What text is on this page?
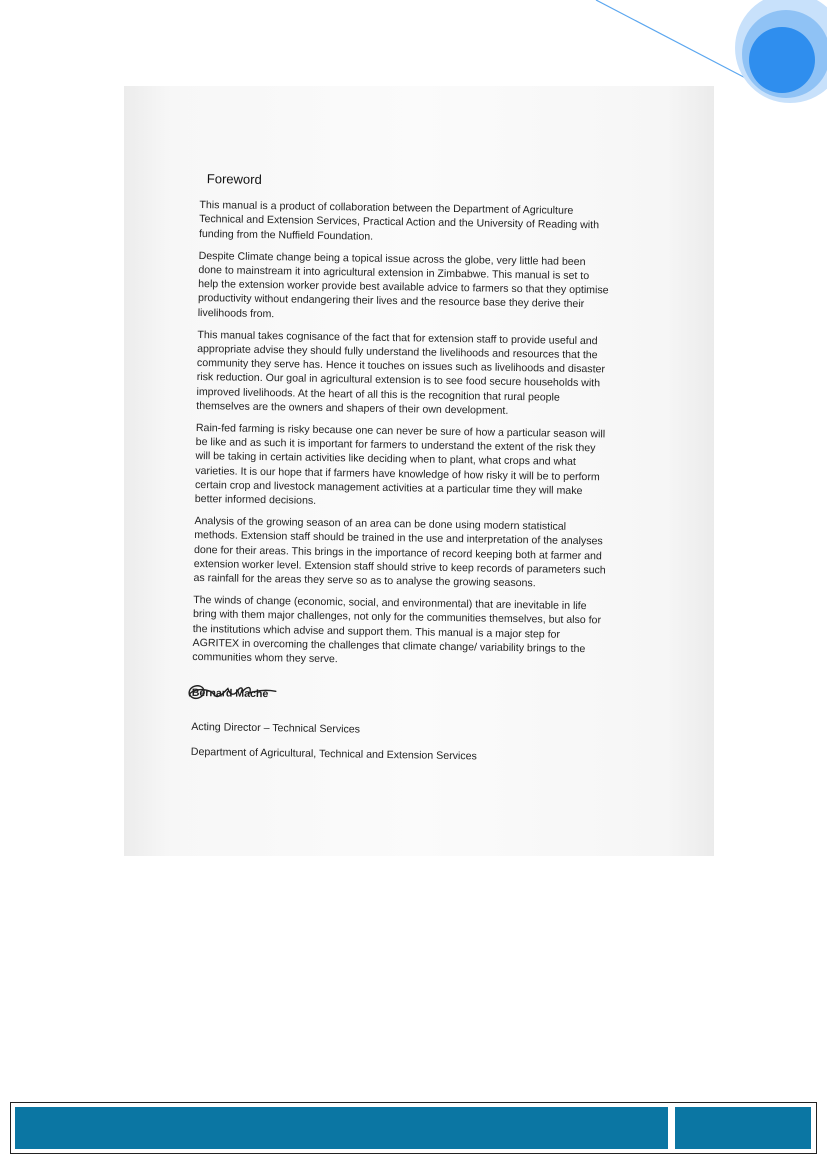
Foreword

This manual is a product of collaboration between the Department of Agriculture Technical and Extension Services, Practical Action and the University of Reading with funding from the Nuffield Foundation.

Despite Climate change being a topical issue across the globe, very little had been done to mainstream it into agricultural extension in Zimbabwe. This manual is set to help the extension worker provide best available advice to farmers so that they optimise productivity without endangering their lives and the resource base they derive their livelihoods from.

This manual takes cognisance of the fact that for extension staff to provide useful and appropriate advise they should fully understand the livelihoods and resources that the community they serve has. Hence it touches on issues such as livelihoods and disaster risk reduction. Our goal in agricultural extension is to see food secure households with improved livelihoods. At the heart of all this is the recognition that rural people themselves are the owners and shapers of their own development.

Rain-fed farming is risky because one can never be sure of how a particular season will be like and as such it is important for farmers to understand the extent of the risk they will be taking in certain activities like deciding when to plant, what crops and what varieties. It is our hope that if farmers have knowledge of how risky it will be to perform certain crop and livestock management activities at a particular time they will make better informed decisions.

Analysis of the growing season of an area can be done using modern statistical methods. Extension staff should be trained in the use and interpretation of the analyses done for their areas. This brings in the importance of record keeping both at farmer and extension worker level. Extension staff should strive to keep records of parameters such as rainfall for the areas they serve so as to analyse the growing seasons.

The winds of change (economic, social, and environmental) that are inevitable in life bring with them major challenges, not only for the communities themselves, but also for the institutions which advise and support them. This manual is a major step for AGRITEX in overcoming the challenges that climate change/ variability brings to the communities whom they serve.

Bernard Mache
Acting Director – Technical Services
Department of Agricultural, Technical and Extension Services
